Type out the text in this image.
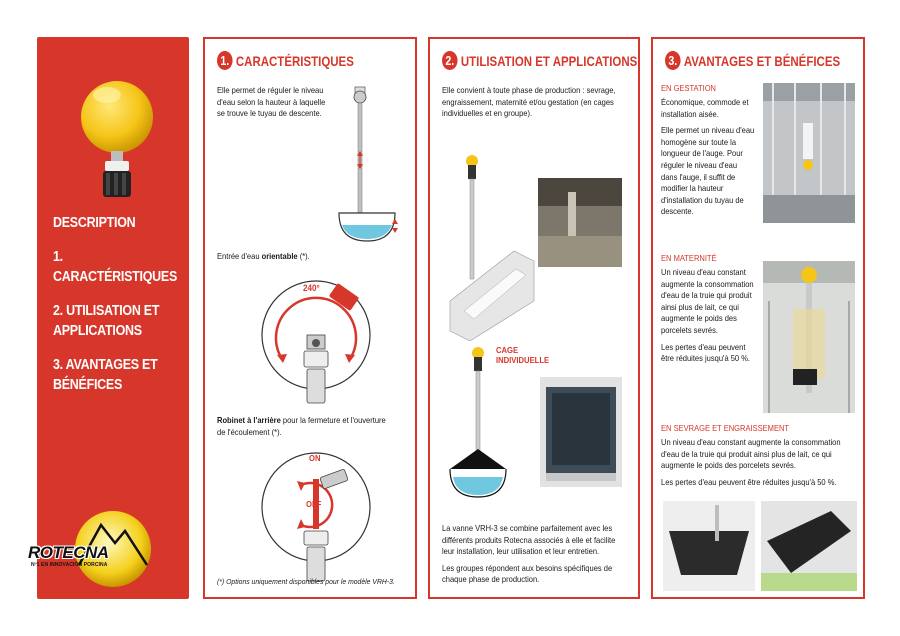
DESCRIPTION
1. CARACTÉRISTIQUES
2. UTILISATION ET APPLICATIONS
3. AVANTAGES ET BÉNÉFICES
ROTECNA
Nº1 EN INNOVACIÓN PORCINA
1. CARACTÉRISTIQUES
Elle permet de réguler le niveau d'eau selon la hauteur à laquelle se trouve le tuyau de descente.
Entrée d'eau orientable (*).
240°
Robinet à l'arrière pour la fermeture et l'ouverture de l'écoulement (*).
ON
OFF
(*) Options uniquement disponibles pour le modèle VRH-3.
2. UTILISATION ET APPLICATIONS
Elle convient à toute phase de production : sevrage, engraissement, maternité et/ou gestation (en cages individuelles et en groupe).
CAGE INDIVIDUELLE

La vanne VRH-3 se combine parfaitement avec les différents produits Rotecna associés à elle et facilite leur installation, leur utilisation et leur entretien.

Les groupes répondent aux besoins spécifiques de chaque phase de production.

3. AVANTAGES ET BÉNÉFICES
EN GESTATION

Économique, commode et installation aisée.

Elle permet un niveau d'eau homogène sur toute la longueur de l'auge. Pour réguler le niveau d'eau dans l'auge, il suffit de modifier la hauteur d'installation du tuyau de descente.

EN MATERNITÉ

Un niveau d'eau constant augmente la consommation d'eau de la truie qui produit ainsi plus de lait, ce qui augmente le poids des porcelets sevrés.

Les pertes d'eau peuvent être réduites jusqu'à 50 %.

EN SEVRAGE ET ENGRAISSEMENT

Un niveau d'eau constant augmente la consommation d'eau de la truie qui produit ainsi plus de lait, ce qui augmente le poids des porcelets sevrés.

Les pertes d'eau peuvent être réduites jusqu'à 50 %.
